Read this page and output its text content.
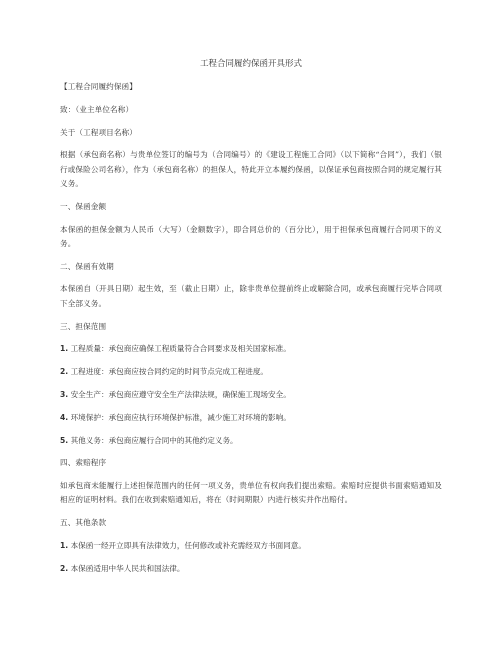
工程合同履约保函开具形式
【工程合同履约保函】
致：（业主单位名称）
关于（工程项目名称）
根据（承包商名称）与贵单位签订的编号为（合同编号）的《建设工程施工合同》（以下简称“合同”），我们（银行或保险公司名称），作为（承包商名称）的担保人，特此开立本履约保函，以保证承包商按照合同的规定履行其义务。
一、保函金额
本保函的担保金额为人民币（大写）（金额数字），即合同总价的（百分比），用于担保承包商履行合同项下的义务。
二、保函有效期
本保函自（开具日期）起生效，至（截止日期）止，除非贵单位提前终止或解除合同，或承包商履行完毕合同项下全部义务。
三、担保范围
1. 工程质量：承包商应确保工程质量符合合同要求及相关国家标准。
2. 工程进度：承包商应按合同约定的时间节点完成工程进度。
3. 安全生产：承包商应遵守安全生产法律法规，确保施工现场安全。
4. 环境保护：承包商应执行环境保护标准，减少施工对环境的影响。
5. 其他义务：承包商应履行合同中的其他约定义务。
四、索赔程序
如承包商未能履行上述担保范围内的任何一项义务，贵单位有权向我们提出索赔。索赔时应提供书面索赔通知及相应的证明材料。我们在收到索赔通知后，将在（时间期限）内进行核实并作出赔付。
五、其他条款
1. 本保函一经开立即具有法律效力，任何修改或补充需经双方书面同意。
2. 本保函适用中华人民共和国法律。
